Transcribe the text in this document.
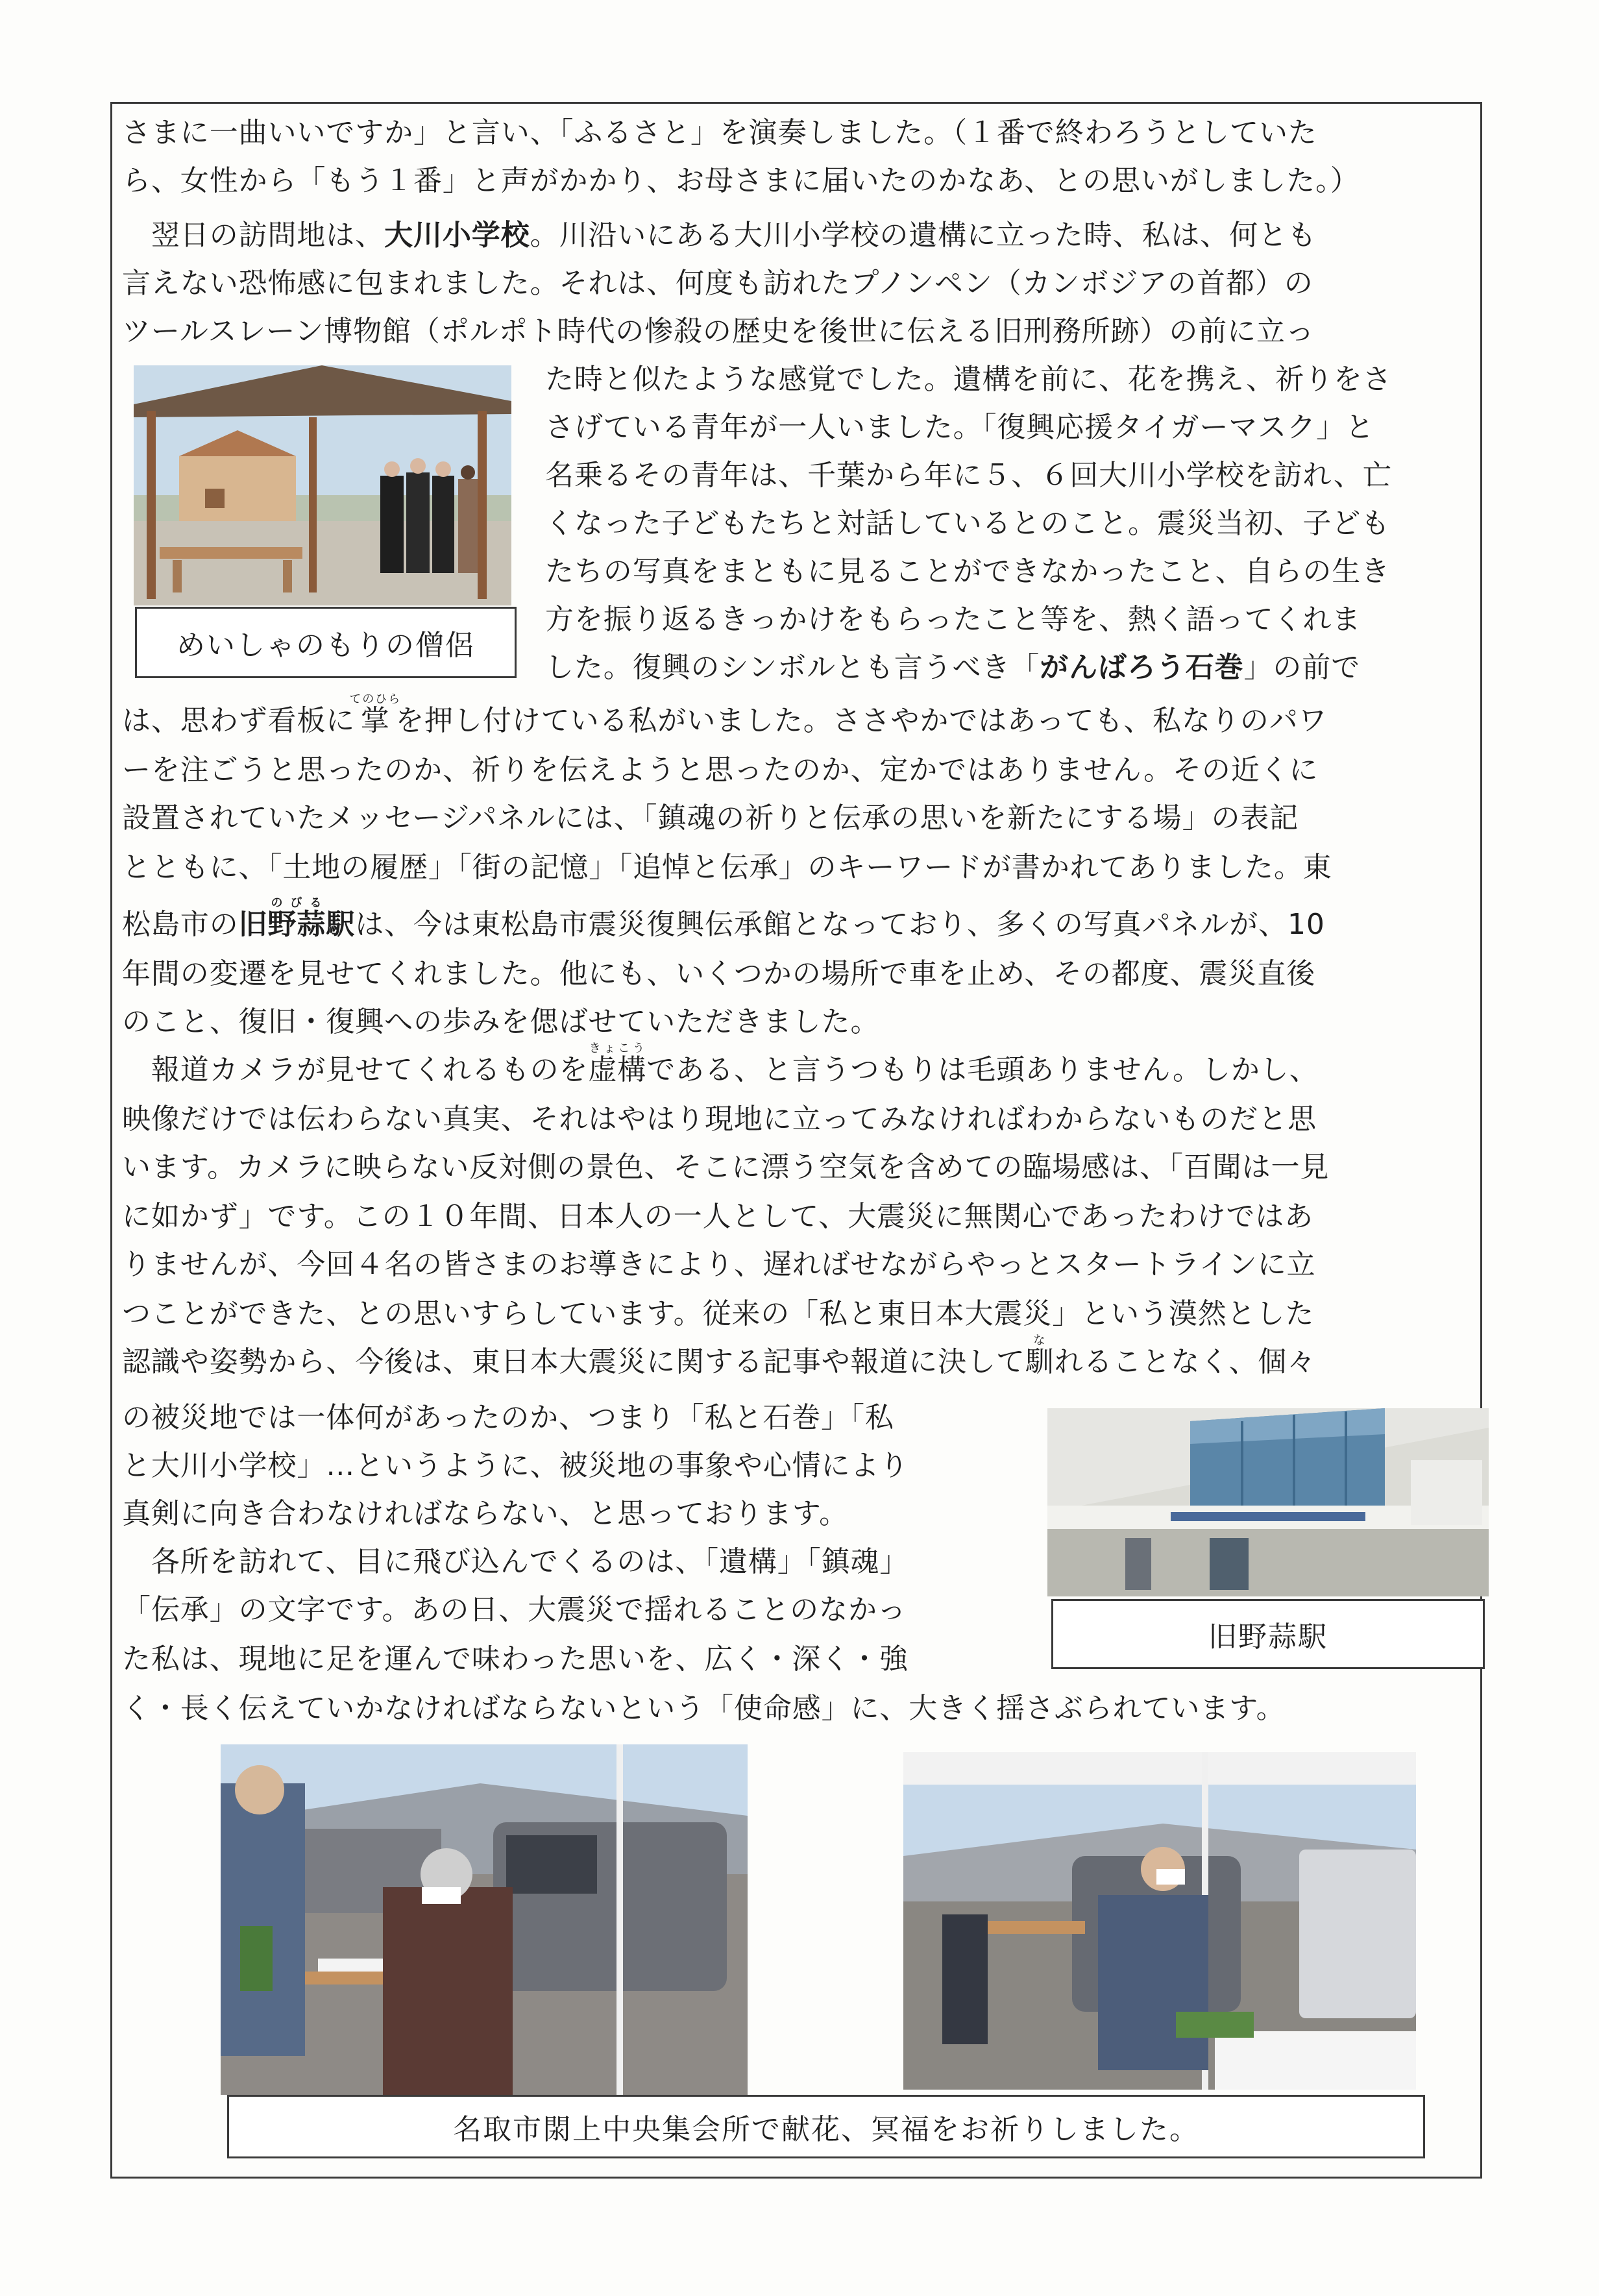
さまに一曲いいですか」と言い、「ふるさと」を演奏しました。（１番で終わろうとしていた
ら、女性から「もう１番」と声がかかり、お母さまに届いたのかなあ、との思いがしました。）
　翌日の訪問地は、大川小学校。川沿いにある大川小学校の遺構に立った時、私は、何とも
言えない恐怖感に包まれました。それは、何度も訪れたプノンペン（カンボジアの首都）の
ツールスレーン博物館（ポルポト時代の惨殺の歴史を後世に伝える旧刑務所跡）の前に立っ
た時と似たような感覚でした。遺構を前に、花を携え、祈りをさ
さげている青年が一人いました。「復興応援タイガーマスク」と
名乗るその青年は、千葉から年に５、６回大川小学校を訪れ、亡
くなった子どもたちと対話しているとのこと。震災当初、子ども
たちの写真をまともに見ることができなかったこと、自らの生き
方を振り返るきっかけをもらったこと等を、熱く語ってくれま
した。復興のシンボルとも言うべき「がんばろう石巻」の前で
は、思わず看板に掌てのひらを押し付けている私がいました。ささやかではあっても、私なりのパワ
ーを注ごうと思ったのか、祈りを伝えようと思ったのか、定かではありません。その近くに
設置されていたメッセージパネルには、「鎮魂の祈りと伝承の思いを新たにする場」の表記
とともに、「土地の履歴」「街の記憶」「追悼と伝承」のキーワードが書かれてありました。東
松島市の旧野蒜のびる駅は、今は東松島市震災復興伝承館となっており、多くの写真パネルが、10
年間の変遷を見せてくれました。他にも、いくつかの場所で車を止め、その都度、震災直後
のこと、復旧・復興への歩みを偲ばせていただきました。
　報道カメラが見せてくれるものを虚構きょこうである、と言うつもりは毛頭ありません。しかし、
映像だけでは伝わらない真実、それはやはり現地に立ってみなければわからないものだと思
います。カメラに映らない反対側の景色、そこに漂う空気を含めての臨場感は、「百聞は一見
に如かず」です。この１０年間、日本人の一人として、大震災に無関心であったわけではあ
りませんが、今回４名の皆さまのお導きにより、遅ればせながらやっとスタートラインに立
つことができた、との思いすらしています。従来の「私と東日本大震災」という漠然とした
認識や姿勢から、今後は、東日本大震災に関する記事や報道に決して馴なれることなく、個々
の被災地では一体何があったのか、つまり「私と石巻」「私
と大川小学校」…というように、被災地の事象や心情により
真剣に向き合わなければならない、と思っております。
　各所を訪れて、目に飛び込んでくるのは、「遺構」「鎮魂」
「伝承」の文字です。あの日、大震災で揺れることのなかっ
た私は、現地に足を運んで味わった思いを、広く・深く・強
く・長く伝えていかなければならないという「使命感」に、大きく揺さぶられています。
めいしゃのもりの僧侶
旧野蒜駅
名取市閖上中央集会所で献花、冥福をお祈りしました。
